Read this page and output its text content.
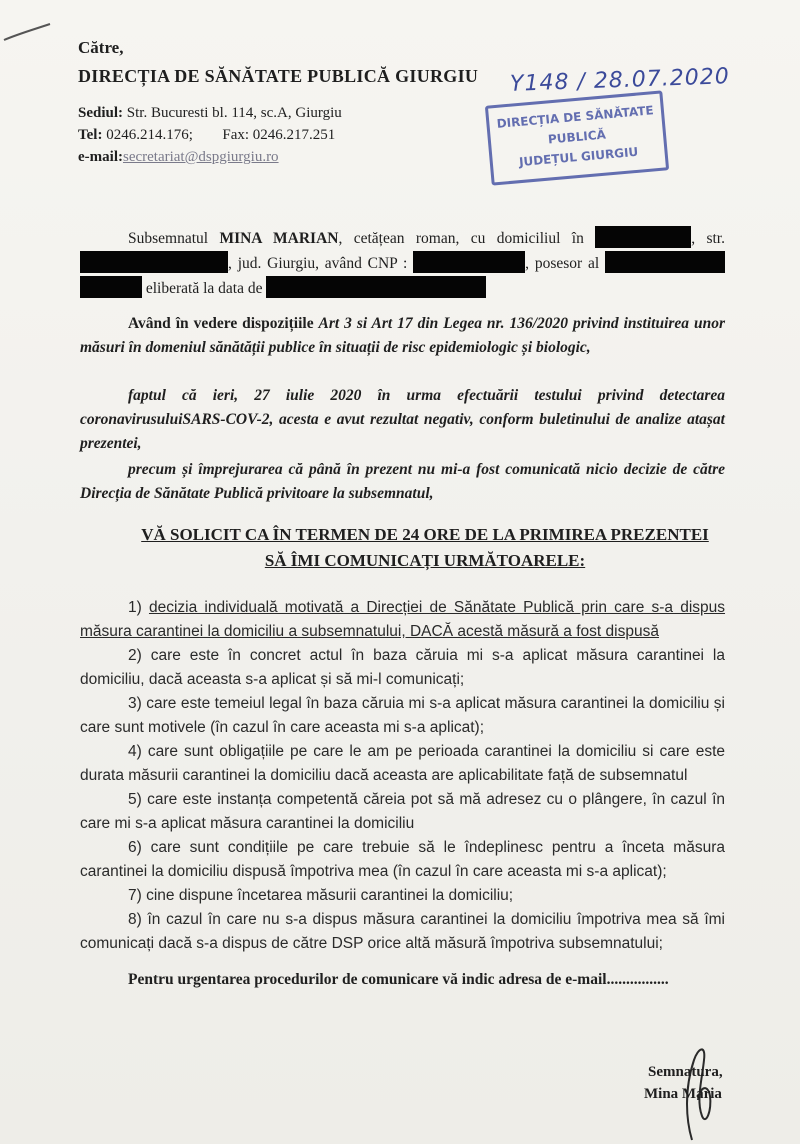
Către,
DIRECȚIA DE SĂNĂTATE PUBLICĂ GIURGIU
Sediul: Str. Bucuresti bl. 114, sc.A, Giurgiu
Tel: 0246.214.176; Fax: 0246.217.251
e-mail:secretariat@dspgiurgiu.ro
Y148 / 28.07.2020
DIRECȚIA DE SĂNĂTATE
PUBLICĂ
JUDEȚUL GIURGIU
Subsemnatul MINA MARIAN, cetățean roman, cu domiciliul în	, str. , jud. Giurgiu, având CNP :	, posesor al   eliberată la data de
Având în vedere dispozițiile Art 3 si Art 17 din Legea nr. 136/2020 privind instituirea unor măsuri în domeniul sănătății publice în situații de risc epidemiologic și biologic,
faptul că ieri, 27 iulie 2020 în urma efectuării testului privind detectarea coronavirusuluiSARS-COV-2, acesta e avut rezultat negativ, conform buletinului de analize atașat prezentei,
precum și împrejurarea că până în prezent nu mi-a fost comunicată nicio decizie de către Direcția de Sănătate Publică privitoare la subsemnatul,
VĂ SOLICIT CA ÎN TERMEN DE 24 ORE DE LA PRIMIREA PREZENTEI
SĂ ÎMI COMUNICAȚI URMĂTOARELE:
1) decizia individuală motivată a Direcției de Sănătate Publică prin care s-a dispus măsura carantinei la domiciliu a subsemnatului, DACĂ acestă măsură a fost dispusă
2) care este în concret actul în baza căruia mi s-a aplicat măsura carantinei la domiciliu, dacă aceasta s-a aplicat și să mi-l comunicați;
3) care este temeiul legal în baza căruia mi s-a aplicat măsura carantinei la domiciliu și care sunt motivele (în cazul în care aceasta mi s-a aplicat);
4) care sunt obligațiile pe care le am pe perioada carantinei la domiciliu si care este durata măsurii carantinei la domiciliu dacă aceasta are aplicabilitate față de subsemnatul
5) care este instanța competentă căreia pot să mă adresez cu o plângere, în cazul în care mi s-a aplicat măsura carantinei la domiciliu
6) care sunt condițiile pe care trebuie să le îndeplinesc pentru a înceta măsura carantinei la domiciliu dispusă împotriva mea (în cazul în care aceasta mi s-a aplicat);
7) cine dispune încetarea măsurii carantinei la domiciliu;
8) în cazul în care nu s-a dispus măsura carantinei la domiciliu împotriva mea să îmi comunicați dacă s-a dispus de către DSP orice altă măsură împotriva subsemnatului;
Pentru urgentarea procedurilor de comunicare vă indic adresa de e-mail................
Semnatura,
Mina Maria
